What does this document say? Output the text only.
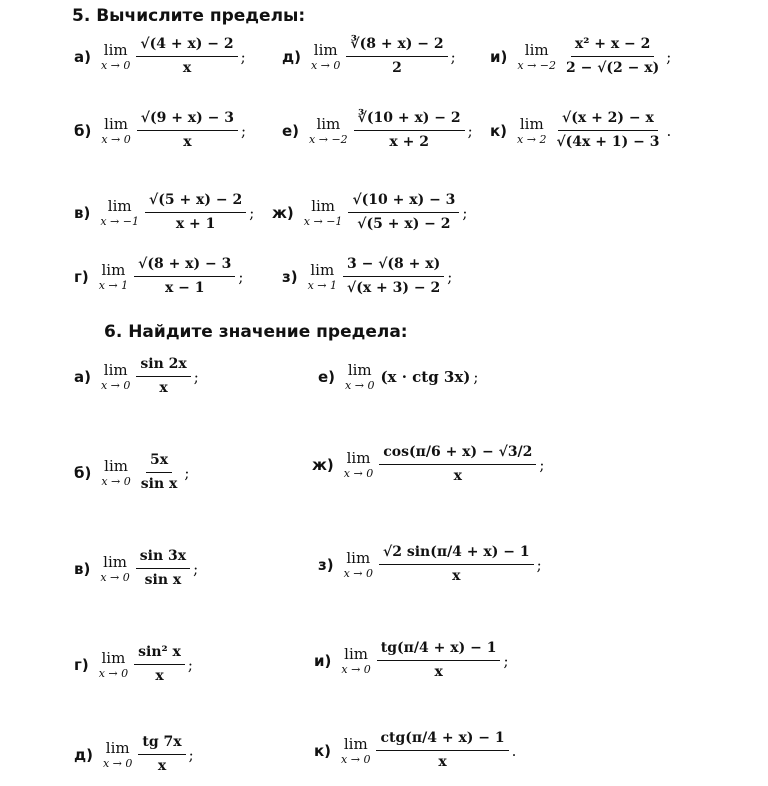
5. Вычислите пределы:
а) lim
$x \to 0 \frac{√(4 + x) - 2}{x}$ ;
б) lim
$x \to 0 \frac{√(9 + x) - 3}{x}$ ;
в) lim
$x \to -1 \frac{√(5 + x) - 2}{x + 1}$ ;
г) lim
$x \to 1 \frac{√(8 + x) - 3}{x - 1}$ ;
д) lim
$x \to 0 \frac{∛(8 + x) - 2}{2}$ ;
е) lim
$x \to -2 \frac{∛(10 + x) - 2}{x + 2}$ ;
ж) lim
$x \to -1 \frac{√(10 + x) - 3}{√(5 + x) - 2}$ ;
з) lim
$x \to 1 \frac{3 - √(8 + x)}{√(x + 3) - 2}$ ;
и) lim
$x \to -2 \frac{\text{x² + x − 2}}{2 - √(2 - x)}$ ;
к) lim
$x \to 2 \frac{√(x + 2) - x}{√(4x + 1) - 3}$ .
6. Найдите значение предела:
а) lim
$x \to 0 \frac{\sin 2x}{x}$ ;
б) lim
$x \to 0 \frac{5x}{\text{sin x}}$ ;
в) lim
$x \to 0 \frac{\sin 3x}{\text{sin x}}$ ;
г) lim
$x \to 0 \frac{\text{sin² x}}{x}$ ;
д) lim
$x \to 0 \frac{tg 7x}{x}$ ;
е) lim
x → 0 (x · ctg 3x) ;
ж) lim
$x \to 0 \frac{\cos(\pi/6 + x) - √3/2}{x}$ ;
з) lim
$x \to 0 \frac{√2 \sin(\pi/4 + x) - 1}{x}$ ;
и) lim
$x \to 0 \frac{tg(\pi/4 + x) - 1}{x}$ ;
к) lim
$x \to 0 \frac{\text{ctg(π/4 + x) − 1}}{x}$ .
